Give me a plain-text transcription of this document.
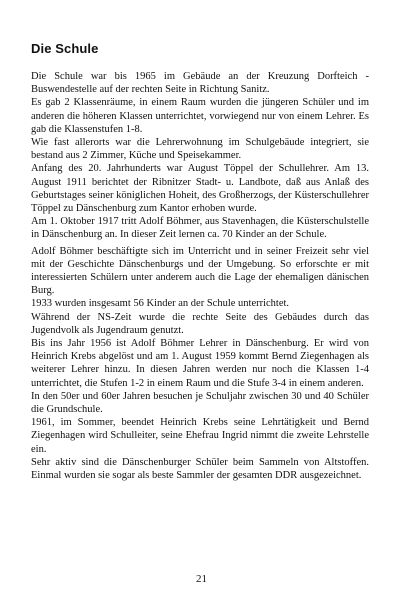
Die Schule

Die Schule war bis 1965 im Gebäude an der Kreuzung Dorfteich - Buswendestelle auf der rechten Seite in Richtung Sanitz.

Es gab 2 Klassenräume, in einem Raum wurden die jüngeren Schüler und im anderen die höheren Klassen unterrichtet, vorwiegend nur von einem Lehrer. Es gab die Klassenstufen 1-8.

Wie fast allerorts war die Lehrerwohnung im Schulgebäude integriert, sie bestand aus 2 Zimmer, Küche und Speisekammer.

Anfang des 20. Jahrhunderts war August Töppel der Schullehrer. Am 13. August 1911 berichtet der Ribnitzer Stadt- u. Landbote, daß aus Anlaß des Geburtstages seiner königlichen Hoheit, des Großherzogs, der Küsterschullehrer Töppel zu Dänschenburg zum Kantor erhoben wurde.

Am 1. Oktober 1917 tritt Adolf Böhmer, aus Stavenhagen, die Küsterschulstelle in Dänschenburg an. In dieser Zeit lernen ca. 70 Kinder an der Schule.

Adolf Böhmer beschäftigte sich im Unterricht und in seiner Freizeit sehr viel mit der Geschichte Dänschenburgs und der Umgebung. So erforschte er mit interessierten Schülern unter anderem auch die Lage der ehemaligen dänischen Burg.

1933 wurden insgesamt 56 Kinder an der Schule unterrichtet.

Während der NS-Zeit wurde die rechte Seite des Gebäudes durch das Jugendvolk als Jugendraum genutzt.

Bis ins Jahr 1956 ist Adolf Böhmer Lehrer in Dänschenburg. Er wird von Heinrich Krebs abgelöst und am 1. August 1959 kommt Bernd Ziegenhagen als weiterer Lehrer hinzu. In diesen Jahren werden nur noch die Klassen 1-4 unterrichtet, die Stufen 1-2 in einem Raum und die Stufe 3-4 in einem anderen.

In den 50er und 60er Jahren besuchen je Schuljahr zwischen 30 und 40 Schüler die Grundschule.

1961, im Sommer, beendet Heinrich Krebs seine Lehrtätigkeit und Bernd Ziegenhagen wird Schulleiter, seine Ehefrau Ingrid nimmt die zweite Lehrstelle ein.

Sehr aktiv sind die Dänschenburger Schüler beim Sammeln von Altstoffen. Einmal wurden sie sogar als beste Sammler der gesamten DDR ausgezeichnet.

21
